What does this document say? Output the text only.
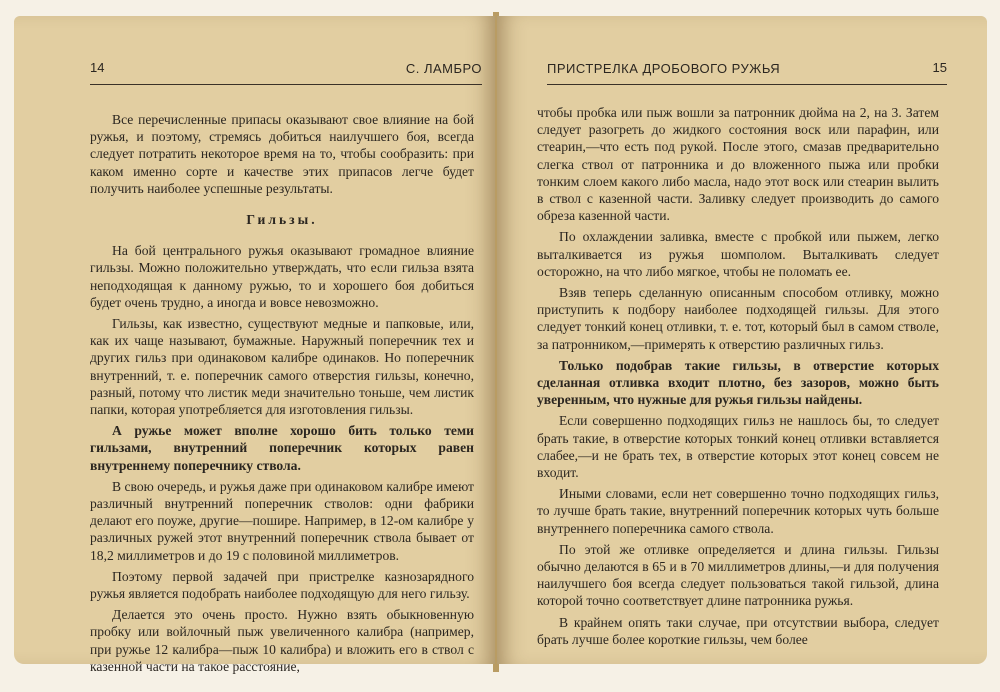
14	С. ЛАМБРО

Все перечисленные припасы оказывают свое влияние на бой ружья, и поэтому, стремясь добиться наилучшего боя, всегда следует потратить некоторое время на то, чтобы сообразить: при каком именно сорте и качестве этих припасов легче будет получить наиболее успешные результаты.

Гильзы.

На бой центрального ружья оказывают громадное влияние гильзы. Можно положительно утверждать, что если гильза взята неподходящая к данному ружью, то и хорошего боя добиться будет очень трудно, а иногда и вовсе невозможно.

Гильзы, как известно, существуют медные и папковые, или, как их чаще называют, бумажные. Наружный поперечник тех и других гильз при одинаковом калибре одинаков. Но поперечник внутренний, т. е. поперечник самого отверстия гильзы, конечно, разный, потому что листик меди значительно тоньше, чем листик папки, которая употребляется для изготовления гильзы.

А ружье может вполне хорошо бить только теми гильзами, внутренний поперечник которых равен внутреннему поперечнику ствола.

В свою очередь, и ружья даже при одинаковом калибре имеют различный внутренний поперечник стволов: одни фабрики делают его поуже, другие—пошире. Например, в 12-ом калибре у различных ружей этот внутренний поперечник ствола бывает от 18,2 миллиметров и до 19 с половиной миллиметров.

Поэтому первой задачей при пристрелке казнозарядного ружья является подобрать наиболее подходящую для него гильзу.

Делается это очень просто. Нужно взять обыкновенную пробку или войлочный пыж увеличенного калибра (например, при ружье 12 калибра—пыж 10 калибра) и вложить его в ствол с казенной части на такое расстояние,

ПРИСТРЕЛКА ДРОБОВОГО РУЖЬЯ	15

чтобы пробка или пыж вошли за патронник дюйма на 2, на 3. Затем следует разогреть до жидкого состояния воск или парафин, или стеарин,—что есть под рукой. После этого, смазав предварительно слегка ствол от патронника и до вложенного пыжа или пробки тонким слоем какого либо масла, надо этот воск или стеарин вылить в ствол с казенной части. Заливку следует производить до самого обреза казенной части.

По охлаждении заливка, вместе с пробкой или пыжем, легко выталкивается из ружья шомполом. Выталкивать следует осторожно, на что либо мягкое, чтобы не поломать ее.

Взяв теперь сделанную описанным способом отливку, можно приступить к подбору наиболее подходящей гильзы. Для этого следует тонкий конец отливки, т. е. тот, который был в самом стволе, за патронником,—примерять к отверстию различных гильз.

Только подобрав такие гильзы, в отверстие которых сделанная отливка входит плотно, без зазоров, можно быть уверенным, что нужные для ружья гильзы найдены.

Если совершенно подходящих гильз не нашлось бы, то следует брать такие, в отверстие которых тонкий конец отливки вставляется слабее,—и не брать тех, в отверстие которых этот конец совсем не входит.

Иными словами, если нет совершенно точно подходящих гильз, то лучше брать такие, внутренний поперечник которых чуть больше внутреннего поперечника самого ствола.

По этой же отливке определяется и длина гильзы. Гильзы обычно делаются в 65 и в 70 миллиметров длины,—и для получения наилучшего боя всегда следует пользоваться такой гильзой, длина которой точно соответствует длине патронника ружья.

В крайнем опять таки случае, при отсутствии выбора, следует брать лучше более короткие гильзы, чем более
